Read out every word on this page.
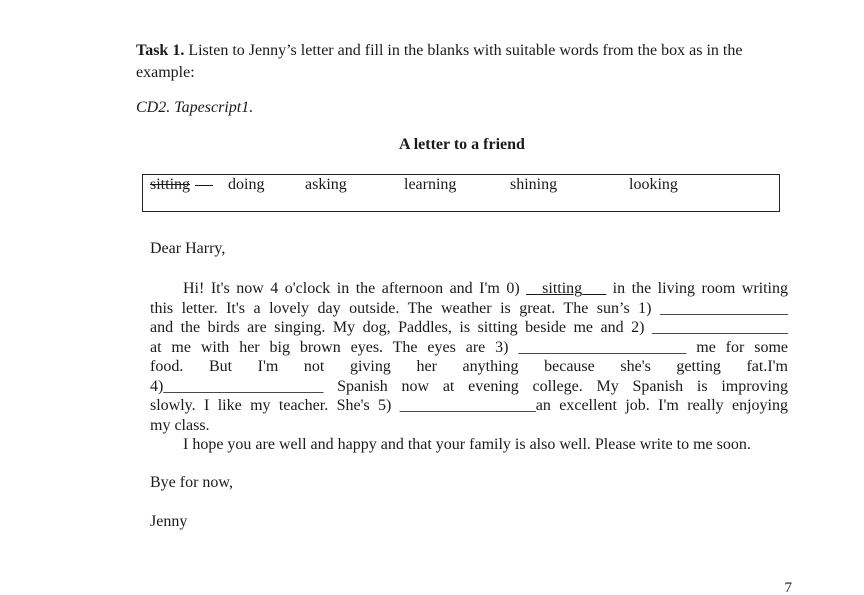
Task 1. Listen to Jenny’s letter and fill in the blanks with suitable words from the box as in the example:
CD2. Tapescript1.
A letter to a friend
sitting doing	asking	learning	shining	looking
Dear Harry,
Hi! It's now 4 o'clock in the afternoon and I'm 0) __sitting___ in the living room writing
this letter. It's a lovely day outside. The weather is great. The sun’s 1) ________________
and the birds are singing. My dog, Paddles, is sitting beside me and 2) _________________
at me with her big brown eyes. The eyes are 3) _____________________ me for some
food. But I'm not giving her anything because she's getting fat.I'm
4)____________________ Spanish now at evening college. My Spanish is improving
slowly. I like my teacher. She's 5) _________________an excellent job. I'm really enjoying
my class.
I hope you are well and happy and that your family is also well. Please write to me soon.
Bye for now,
Jenny
7
